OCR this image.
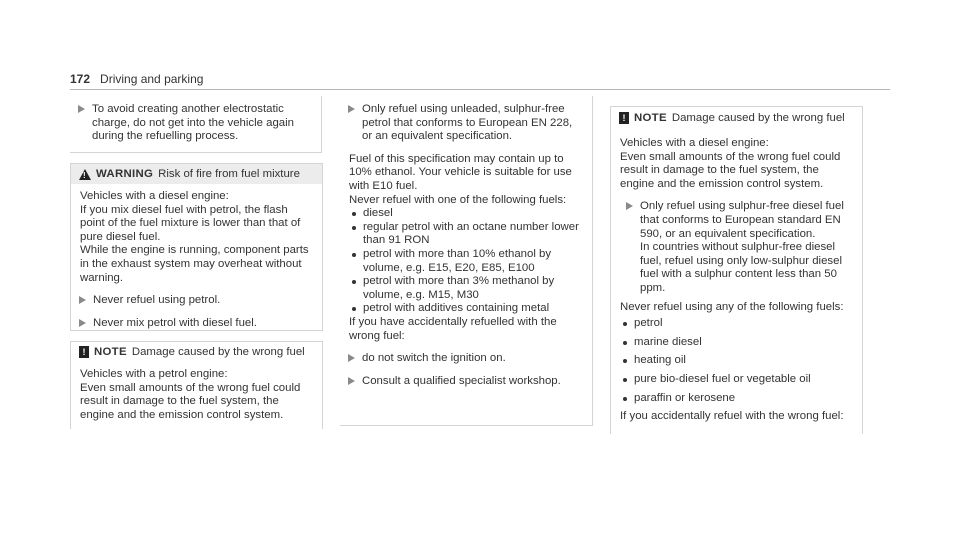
172 Driving and parking
To avoid creating another electrostatic charge, do not get into the vehicle again during the refuelling process.
! WARNING Risk of fire from fuel mixture

Vehicles with a diesel engine:

If you mix diesel fuel with petrol, the flash point of the fuel mixture is lower than that of pure diesel fuel.

While the engine is running, component parts in the exhaust system may overheat without warning.

Never refuel using petrol.
Never mix petrol with diesel fuel.
! NOTE Damage caused by the wrong fuel

Vehicles with a petrol engine:

Even small amounts of the wrong fuel could result in damage to the fuel system, the engine and the emission control system.

Only refuel using unleaded, sulphur-free petrol that conforms to European EN 228, or an equivalent specification.

Fuel of this specification may contain up to 10% ethanol. Your vehicle is suitable for use with E10 fuel.

Never refuel with one of the following fuels:

diesel
regular petrol with an octane number lower than 91 RON
petrol with more than 10% ethanol by volume, e.g. E15, E20, E85, E100
petrol with more than 3% methanol by volume, e.g. M15, M30
petrol with additives containing metal

If you have accidentally refuelled with the wrong fuel:

do not switch the ignition on.
Consult a qualified specialist workshop.
! NOTE Damage caused by the wrong fuel

Vehicles with a diesel engine:

Even small amounts of the wrong fuel could result in damage to the fuel system, the engine and the emission control system.

Only refuel using sulphur-free diesel fuel that conforms to European standard EN 590, or an equivalent specification.
In countries without sulphur-free diesel fuel, refuel using only low-sulphur diesel fuel with a sulphur content less than 50 ppm.

Never refuel using any of the following fuels:

petrol
marine diesel
heating oil
pure bio-diesel fuel or vegetable oil
paraffin or kerosene

If you accidentally refuel with the wrong fuel:
